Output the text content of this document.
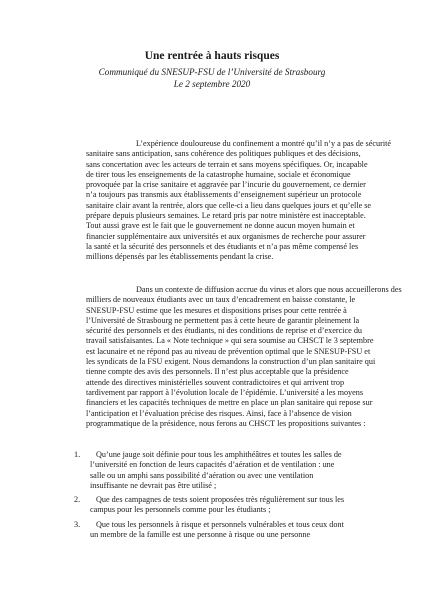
Une rentrée à hauts risques
Communiqué du SNESUP-FSU de l’Université de Strasbourg
Le 2 septembre 2020
L’expérience douloureuse du confinement a montré qu’il n’y a pas de sécurité
sanitaire sans anticipation, sans cohérence des politiques publiques et des décisions,
sans concertation avec les acteurs de terrain et sans moyens spécifiques. Or, incapable
de tirer tous les enseignements de la catastrophe humaine, sociale et économique
provoquée par la crise sanitaire et aggravée par l’incurie du gouvernement, ce dernier
n’a toujours pas transmis aux établissements d’enseignement supérieur un protocole
sanitaire clair avant la rentrée, alors que celle-ci a lieu dans quelques jours et qu’elle se
prépare depuis plusieurs semaines. Le retard pris par notre ministère est inacceptable.
Tout aussi grave est le fait que le gouvernement ne donne aucun moyen humain et
financier supplémentaire aux universités et aux organismes de recherche pour assurer
la santé et la sécurité des personnels et des étudiants et n’a pas même compensé les
millions dépensés par les établissements pendant la crise.
Dans un contexte de diffusion accrue du virus et alors que nous accueillerons des
milliers de nouveaux étudiants avec un taux d’encadrement en baisse constante, le
SNESUP-FSU estime que les mesures et dispositions prises pour cette rentrée à
l’Université de Strasbourg ne permettent pas à cette heure de garantir pleinement la
sécurité des personnels et des étudiants, ni des conditions de reprise et d’exercice du
travail satisfaisantes. La « Note technique » qui sera soumise au CHSCT le 3 septembre
est lacunaire et ne répond pas au niveau de prévention optimal que le SNESUP-FSU et
les syndicats de la FSU exigent. Nous demandons la construction d’un plan sanitaire qui
tienne compte des avis des personnels. Il n’est plus acceptable que la présidence
attende des directives ministérielles souvent contradictoires et qui arrivent trop
tardivement par rapport à l’évolution locale de l’épidémie. L’université a les moyens
financiers et les capacités techniques de mettre en place un plan sanitaire qui repose sur
l’anticipation et l’évaluation précise des risques. Ainsi, face à l’absence de vision
programmatique de la présidence, nous ferons au CHSCT les propositions suivantes :
1.	Qu’une jauge soit définie pour tous les amphithéâtres et toutes les salles de
l’université en fonction de leurs capacités d’aération et de ventilation : une
salle ou un amphi sans possibilité d’aération ou avec une ventilation
insuffisante ne devrait pas être utilisé ;
2.	Que des campagnes de tests soient proposées très régulièrement sur tous les
campus pour les personnels comme pour les étudiants ;
3.	Que tous les personnels à risque et personnels vulnérables et tous ceux dont
un membre de la famille est une personne à risque ou une personne
